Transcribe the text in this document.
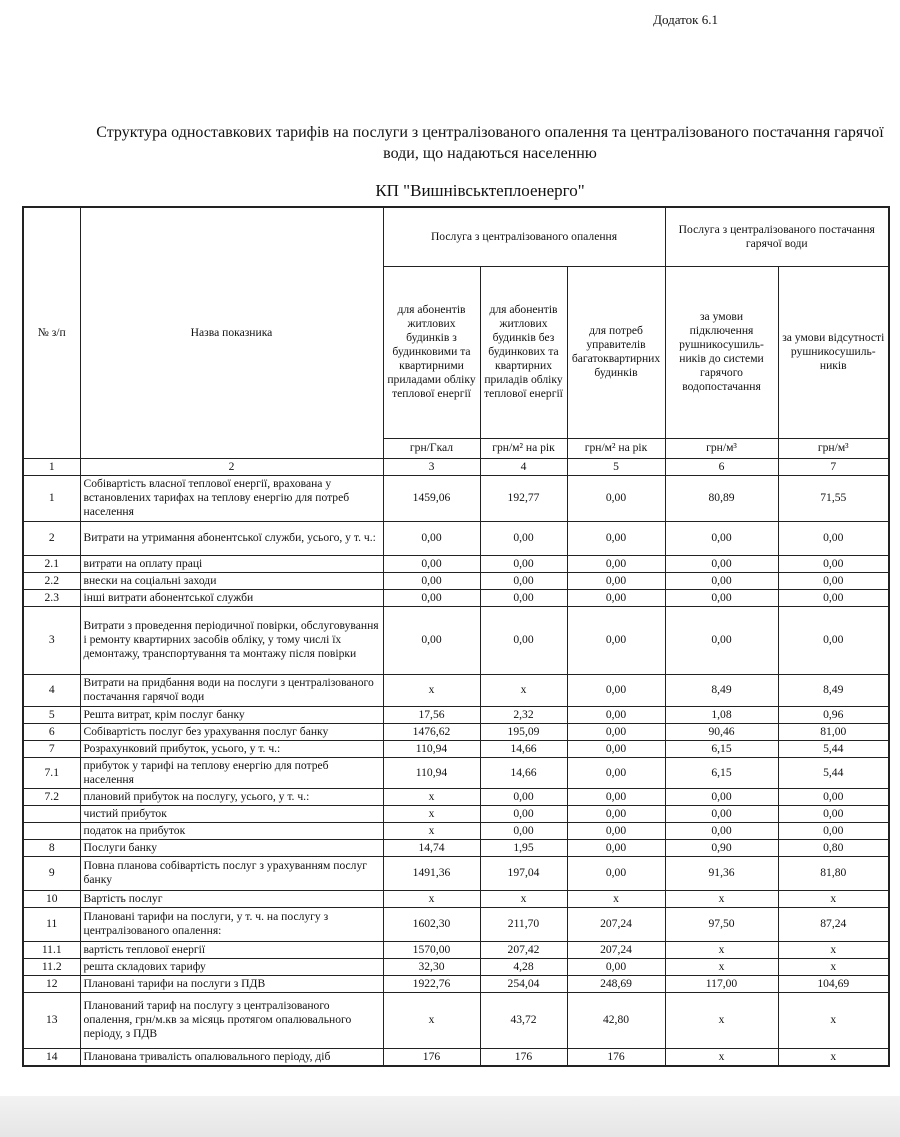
Додаток 6.1
Структура одноставкових тарифів на послуги з централізованого опалення та централізованого постачання гарячої
води, що надаються населенню
КП "Вишнівськтеплоенерго"
№ з/п	Назва показника	Послуга з централізованого опалення			Послуга з централізованого постачання гарячої води	
		для абонентів житлових будинків з будинковими та квартирними приладами обліку теплової енергії	для абонентів житлових будинків без будинкових та квартирних приладів обліку теплової енергії	для потреб управителів багатоквартирних будинків	за умови підключення рушникосушиль-ників до системи гарячого водопостачання	за умови відсутності рушникосушиль-ників
		грн/Гкал	грн/м² на рік	грн/м² на рік	грн/м³	грн/м³
1	2	3	4	5	6	7
1	Собівартість власної теплової енергії, врахована у встановлених тарифах на теплову енергію для потреб населення	1459,06	192,77	0,00	80,89	71,55
2	Витрати на утримання абонентської служби, усього, у т. ч.:	0,00	0,00	0,00	0,00	0,00
2.1	витрати на оплату праці	0,00	0,00	0,00	0,00	0,00
2.2	внески на соціальні заходи	0,00	0,00	0,00	0,00	0,00
2.3	інші витрати абонентської служби	0,00	0,00	0,00	0,00	0,00
3	Витрати з проведення періодичної повірки, обслуговування і ремонту квартирних засобів обліку, у тому числі їх демонтажу, транспортування та монтажу після повірки	0,00	0,00	0,00	0,00	0,00
4	Витрати на придбання води на послуги з централізованого постачання гарячої води	х	х	0,00	8,49	8,49
5	Решта витрат, крім послуг банку	17,56	2,32	0,00	1,08	0,96
6	Собівартість послуг без урахування послуг банку	1476,62	195,09	0,00	90,46	81,00
7	Розрахунковий прибуток, усього, у т. ч.:	110,94	14,66	0,00	6,15	5,44
7.1	прибуток у тарифі на теплову енергію для потреб населення	110,94	14,66	0,00	6,15	5,44
7.2	плановий прибуток на послугу, усього, у т. ч.:	х	0,00	0,00	0,00	0,00
	чистий прибуток	х	0,00	0,00	0,00	0,00
	податок на прибуток	х	0,00	0,00	0,00	0,00
8	Послуги банку	14,74	1,95	0,00	0,90	0,80
9	Повна планова собівартість послуг з урахуванням послуг банку	1491,36	197,04	0,00	91,36	81,80
10	Вартість послуг	х	х	х	х	х
11	Плановані тарифи на послуги, у т. ч. на послугу з централізованого опалення:	1602,30	211,70	207,24	97,50	87,24
11.1	вартість теплової енергії	1570,00	207,42	207,24	х	х
11.2	решта складових тарифу	32,30	4,28	0,00	х	х
12	Плановані тарифи на послуги з ПДВ	1922,76	254,04	248,69	117,00	104,69
13	Планований тариф на послугу з централізованого опалення, грн/м.кв за місяць протягом опалювального періоду, з ПДВ	х	43,72	42,80	х	х
14	Планована тривалість опалювального періоду, діб	176	176	176	х	х
